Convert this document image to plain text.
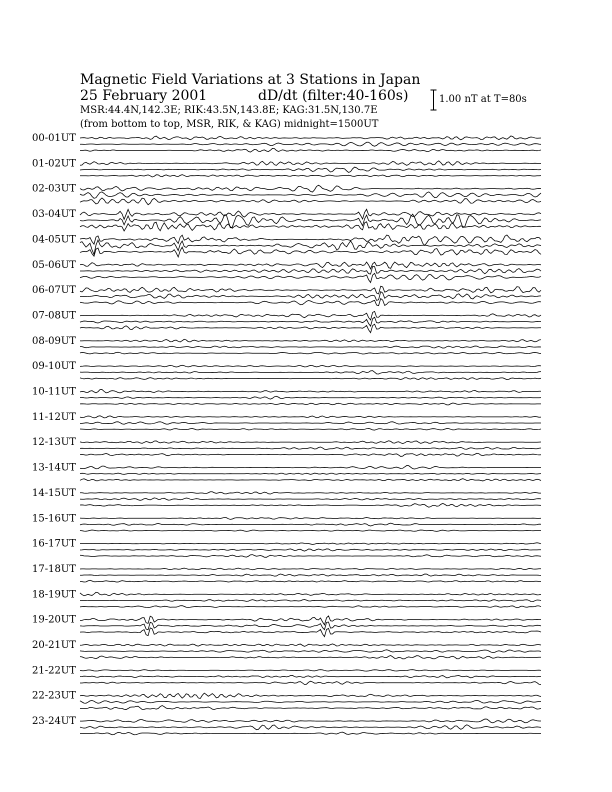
00-01UT
01-02UT
02-03UT
03-04UT
04-05UT
05-06UT
06-07UT
07-08UT
08-09UT
09-10UT
10-11UT
11-12UT
12-13UT
13-14UT
14-15UT
15-16UT
16-17UT
17-18UT
18-19UT
19-20UT
20-21UT
21-22UT
22-23UT
23-24UT
Magnetic Field Variations at 3 Stations in Japan
25 February 2001	dD/dt (filter:40-160s)
MSR:44.4N,142.3E; RIK:43.5N,143.8E; KAG:31.5N,130.7E
(from bottom to top, MSR, RIK, & KAG) midnight=1500UT
1.00 nT at T=80s
